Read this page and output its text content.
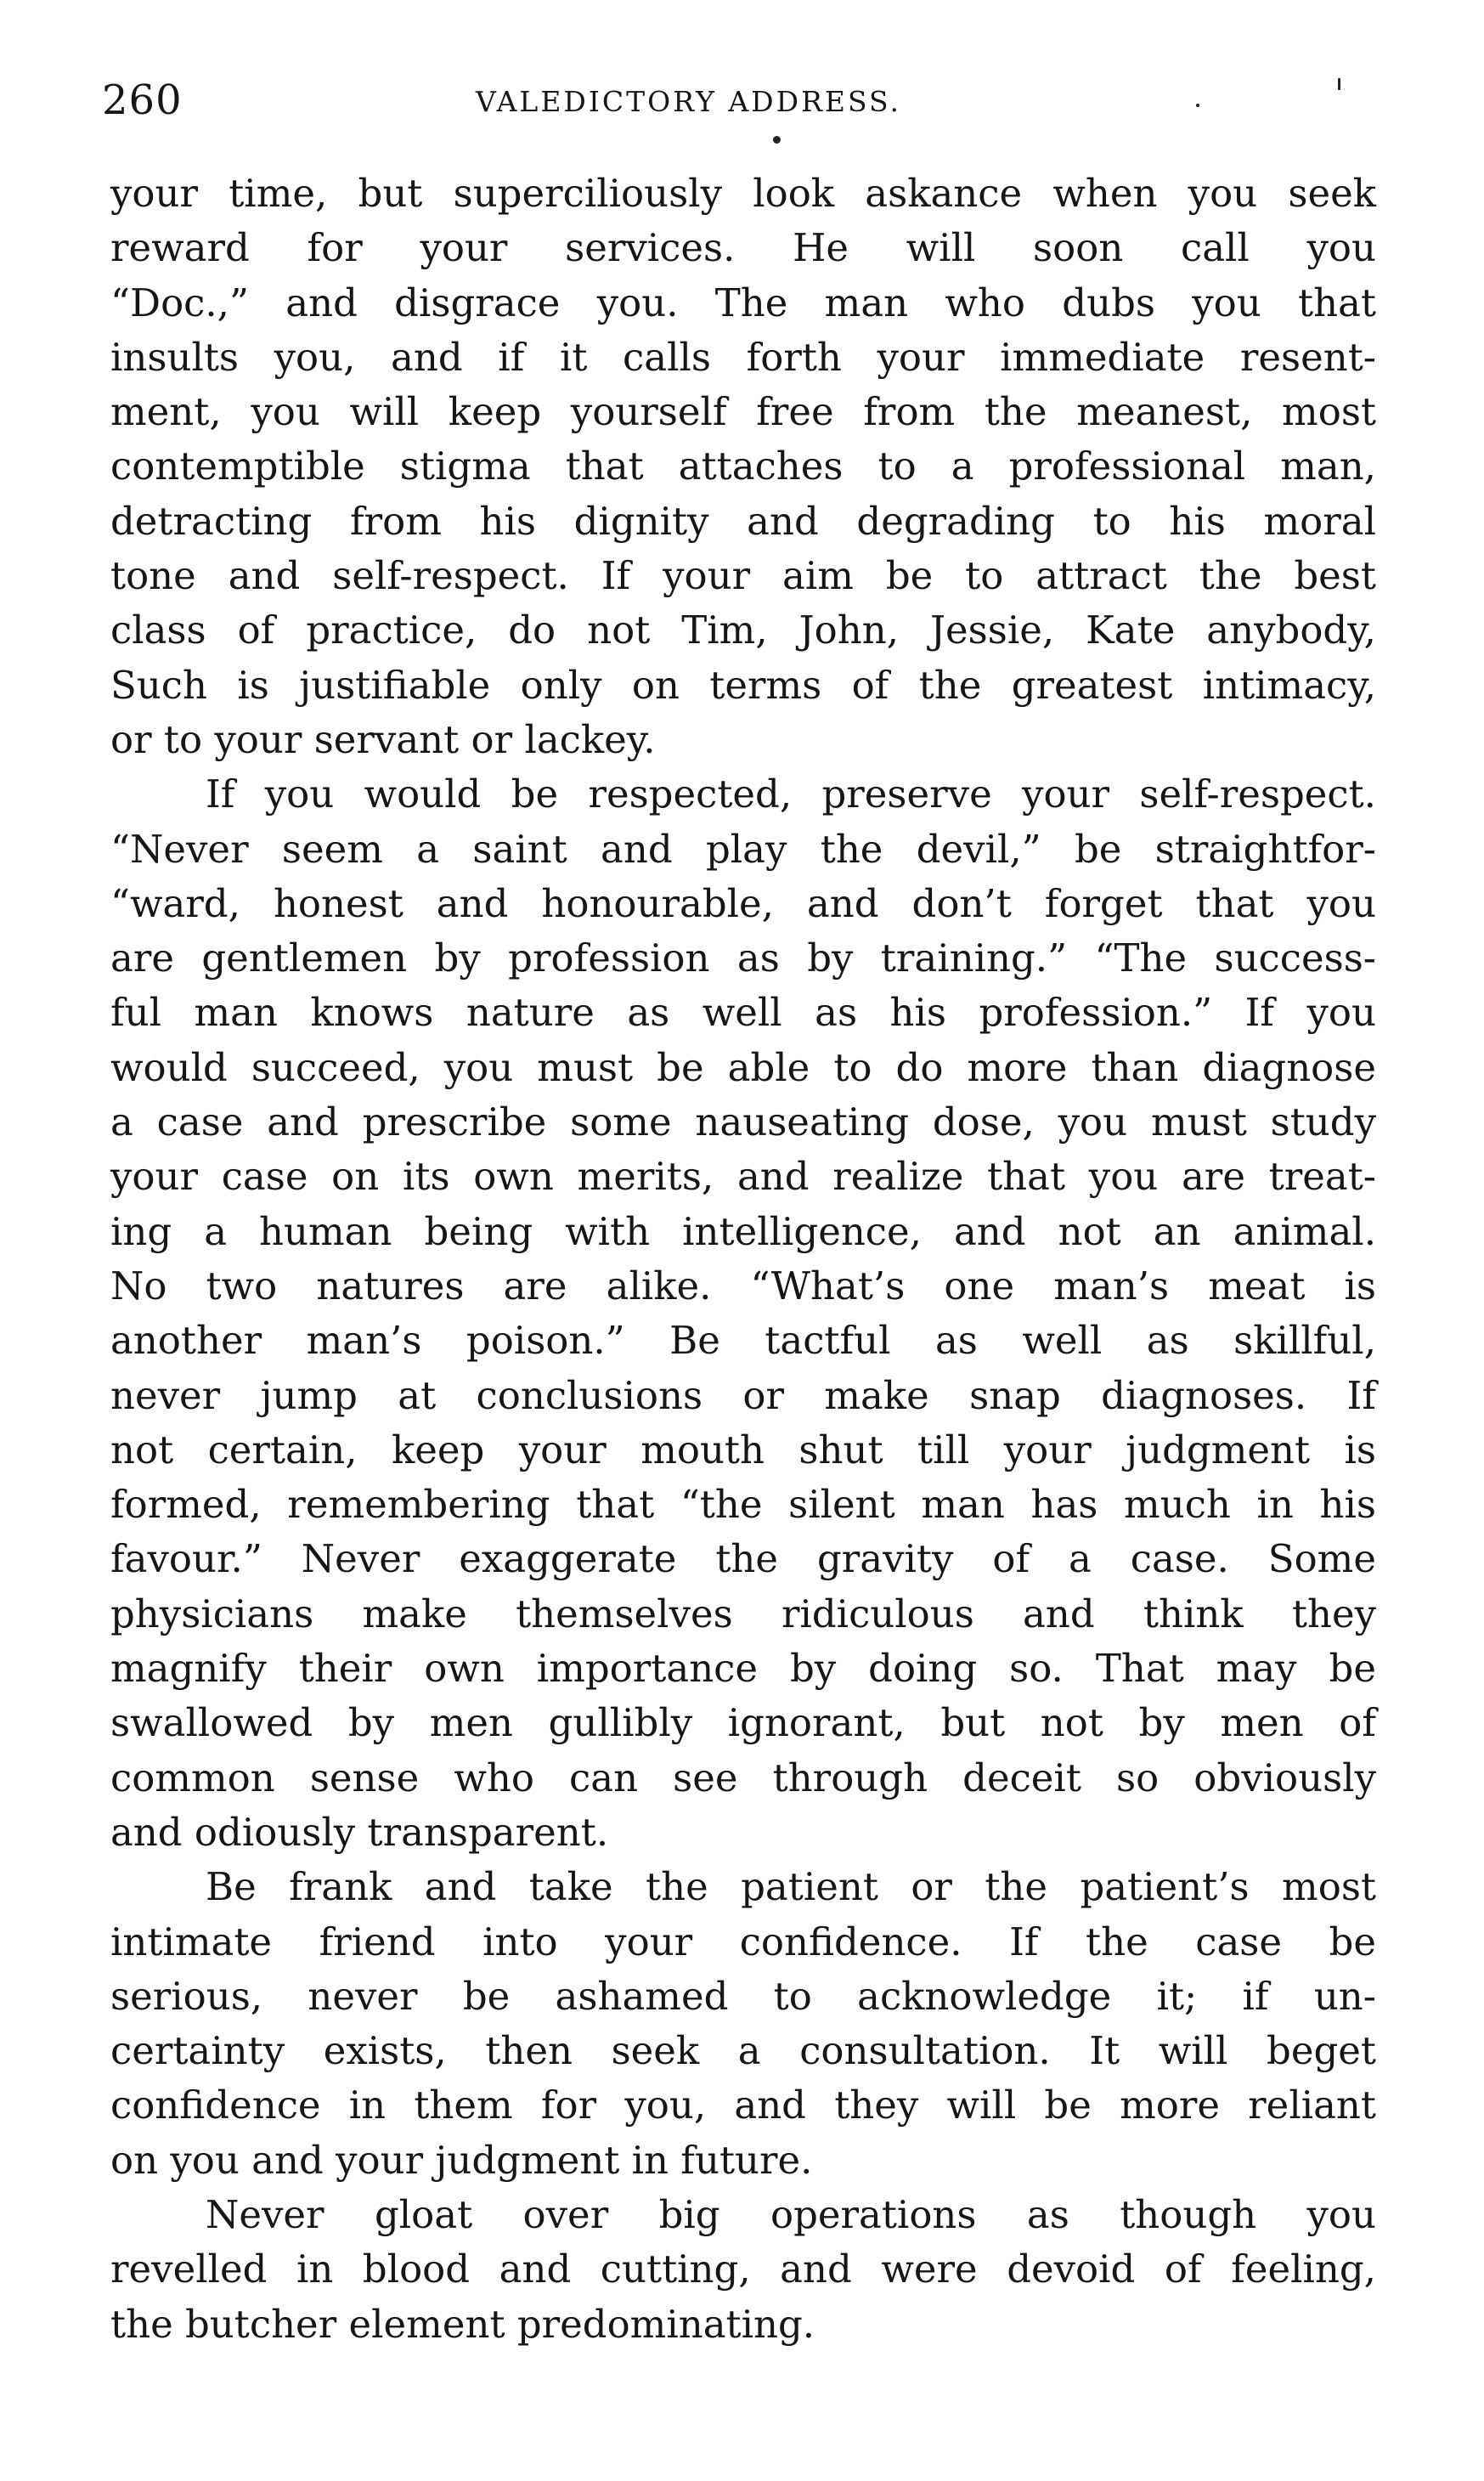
260	VALEDICTORY ADDRESS.
your time, but superciliously look askance when you seek
reward for your services. He will soon call you
“Doc.,” and disgrace you. The man who dubs you that
insults you, and if it calls forth your immediate resent-
ment, you will keep yourself free from the meanest, most
contemptible stigma that attaches to a professional man,
detracting from his dignity and degrading to his moral
tone and self-respect. If your aim be to attract the best
class of practice, do not Tim, John, Jessie, Kate anybody,
Such is justifiable only on terms of the greatest intimacy,
or to your servant or lackey.
If you would be respected, preserve your self-respect.
“Never seem a saint and play the devil,” be straightfor-
“ward, honest and honourable, and don’t forget that you
are gentlemen by profession as by training.” “The success-
ful man knows nature as well as his profession.” If you
would succeed, you must be able to do more than diagnose
a case and prescribe some nauseating dose, you must study
your case on its own merits, and realize that you are treat-
ing a human being with intelligence, and not an animal.
No two natures are alike. “What’s one man’s meat is
another man’s poison.” Be tactful as well as skillful,
never jump at conclusions or make snap diagnoses. If
not certain, keep your mouth shut till your judgment is
formed, remembering that “the silent man has much in his
favour.” Never exaggerate the gravity of a case. Some
physicians make themselves ridiculous and think they
magnify their own importance by doing so. That may be
swallowed by men gullibly ignorant, but not by men of
common sense who can see through deceit so obviously
and odiously transparent.
Be frank and take the patient or the patient’s most
intimate friend into your confidence. If the case be
serious, never be ashamed to acknowledge it; if un-
certainty exists, then seek a consultation. It will beget
confidence in them for you, and they will be more reliant
on you and your judgment in future.
Never gloat over big operations as though you
revelled in blood and cutting, and were devoid of feeling,
the butcher element predominating.
